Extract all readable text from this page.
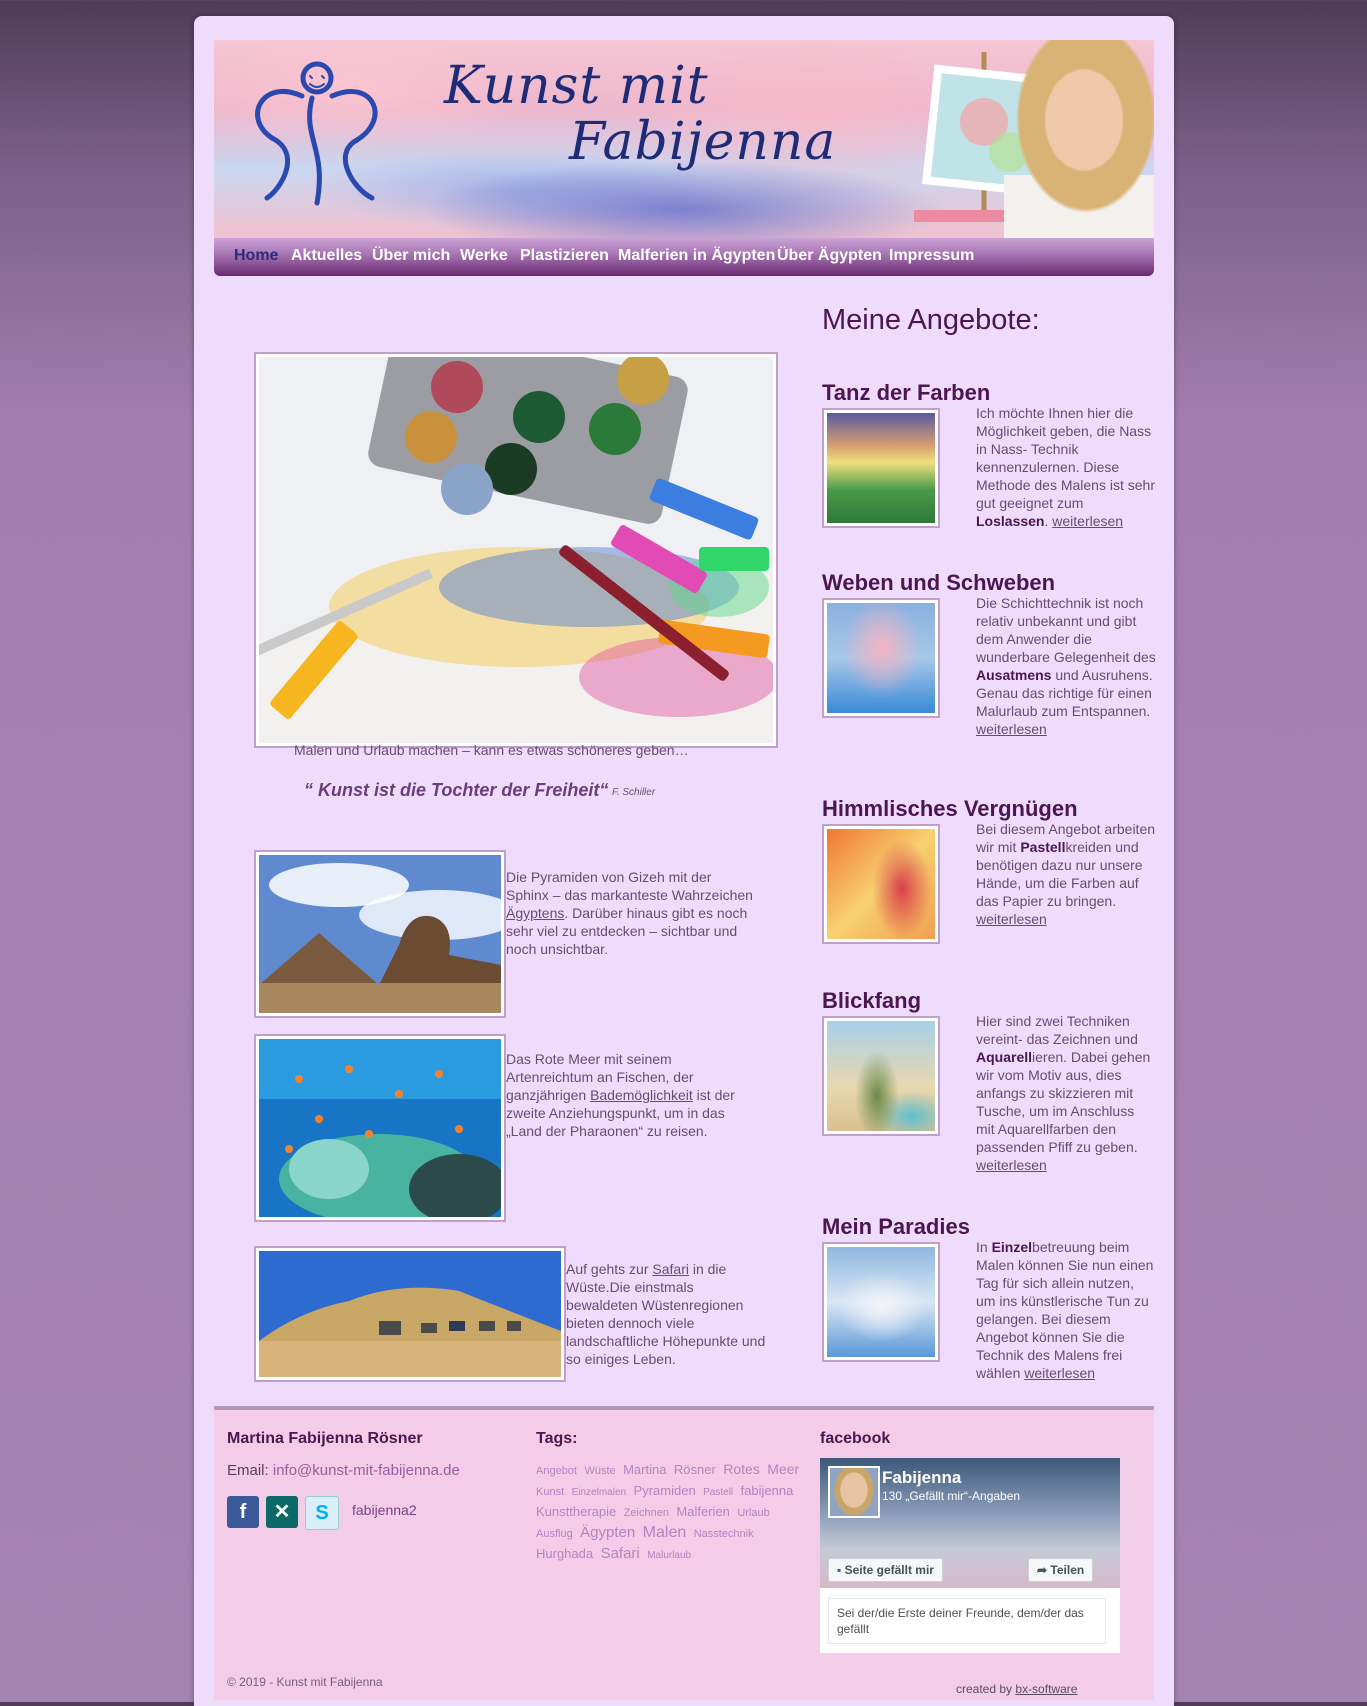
Kunst mit
Fabijenna
Home Aktuelles Über mich Werke Plastizieren Malferien in Ägypten Über Ägypten Impressum
Malen und Urlaub machen – kann es etwas schöneres geben…
“ Kunst ist die Tochter der Freiheit“ F. Schiller
Die Pyramiden von Gizeh mit der Sphinx – das markanteste Wahrzeichen Ägyptens. Darüber hinaus gibt es noch sehr viel zu entdecken – sichtbar und noch unsichtbar.
Das Rote Meer mit seinem Artenreichtum an Fischen, der ganzjährigen Bademöglichkeit ist der zweite Anziehungspunkt, um in das „Land der Pharaonen“ zu reisen.
Auf gehts zur Safari in die Wüste.Die einstmals bewaldeten Wüstenregionen bieten dennoch viele landschaftliche Höhepunkte und so einiges Leben.
Meine Angebote:
Tanz der Farben
Ich möchte Ihnen hier die Möglichkeit geben, die Nass in Nass- Technik kennenzulernen. Diese Methode des Malens ist sehr gut geeignet zum Loslassen. weiterlesen
Weben und Schweben
Die Schichttechnik ist noch relativ unbekannt und gibt dem Anwender die wunderbare Gelegenheit des Ausatmens und Ausruhens. Genau das richtige für einen Malurlaub zum Entspannen. weiterlesen
Himmlisches Vergnügen
Bei diesem Angebot arbeiten wir mit Pastellkreiden und benötigen dazu nur unsere Hände, um die Farben auf das Papier zu bringen. weiterlesen
Blickfang
Hier sind zwei Techniken vereint- das Zeichnen und Aquarellieren. Dabei gehen wir vom Motiv aus, dies anfangs zu skizzieren mit Tusche, um im Anschluss mit Aquarellfarben den passenden Pfiff zu geben. weiterlesen
Mein Paradies
In Einzelbetreuung beim Malen können Sie nun einen Tag für sich allein nutzen, um ins künstlerische Tun zu gelangen. Bei diesem Angebot können Sie die Technik des Malens frei wählen weiterlesen
Martina Fabijenna Rösner
Email: info@kunst-mit-fabijenna.de
f	✕	S	fabijenna2
Tags:
Angebot Wüste Martina Rösner Rotes Meer Kunst Einzelmalen Pyramiden Pastell fabijenna Kunsttherapie Zeichnen Malferien Urlaub Ausflug Ägypten Malen Nasstechnik Hurghada Safari Malurlaub
facebook
Fabijenna
130 „Gefällt mir“-Angaben
▪ Seite gefällt mir	➦ Teilen
Sei der/die Erste deiner Freunde, dem/der das gefällt
© 2019 - Kunst mit Fabijenna	created by bx-software
